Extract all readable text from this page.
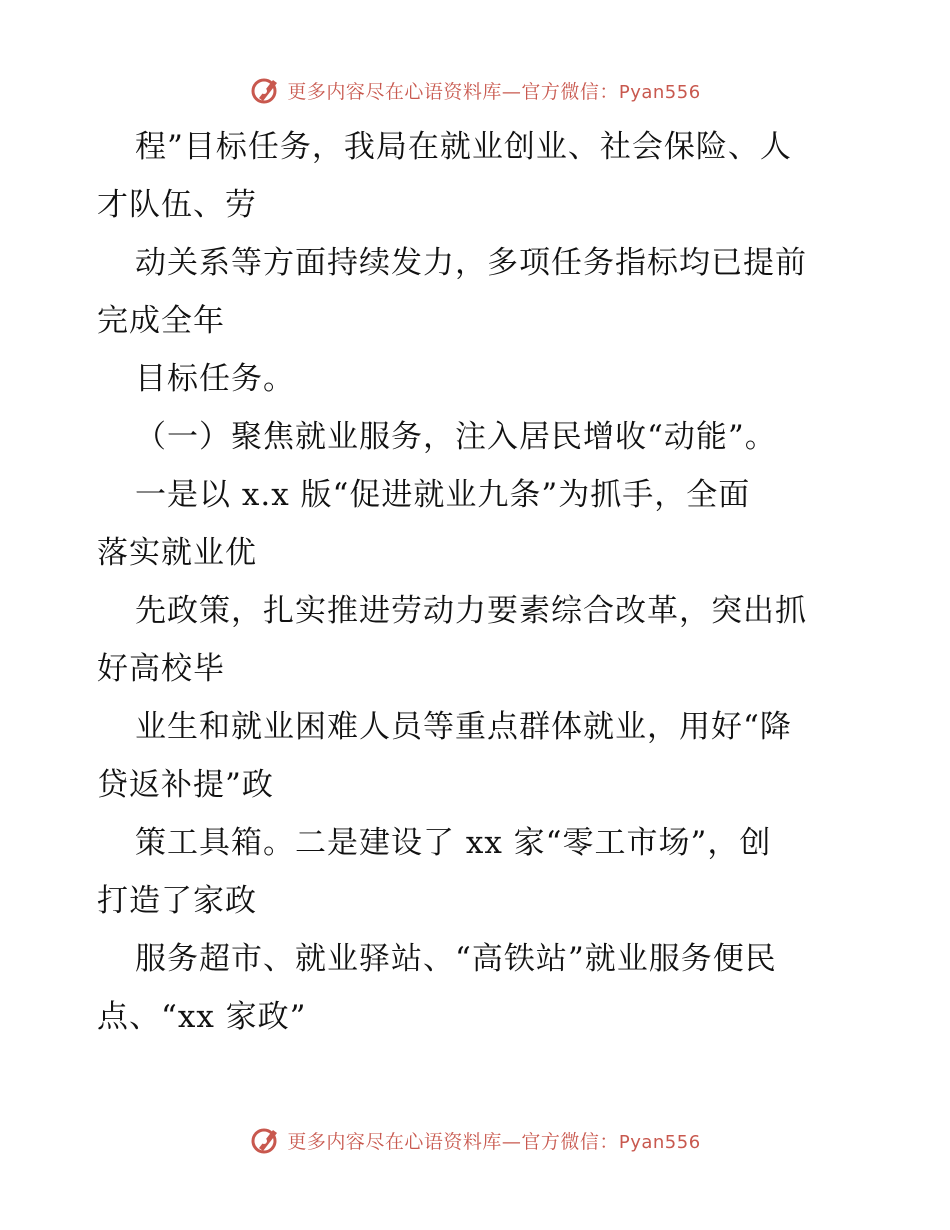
更多内容尽在心语资料库—官方微信：Pyan556
程”目标任务，我局在就业创业、社会保险、人
才队伍、劳
动关系等方面持续发力，多项任务指标均已提前
完成全年
目标任务。
（一）聚焦就业服务，注入居民增收“动能”。
一是以 x.x 版“促进就业九条”为抓手，全面
落实就业优
先政策，扎实推进劳动力要素综合改革，突出抓
好高校毕
业生和就业困难人员等重点群体就业，用好“降
贷返补提”政
策工具箱。二是建设了 xx 家“零工市场”，创
打造了家政
服务超市、就业驿站、“高铁站”就业服务便民
点、“xx 家政”
更多内容尽在心语资料库—官方微信：Pyan556
